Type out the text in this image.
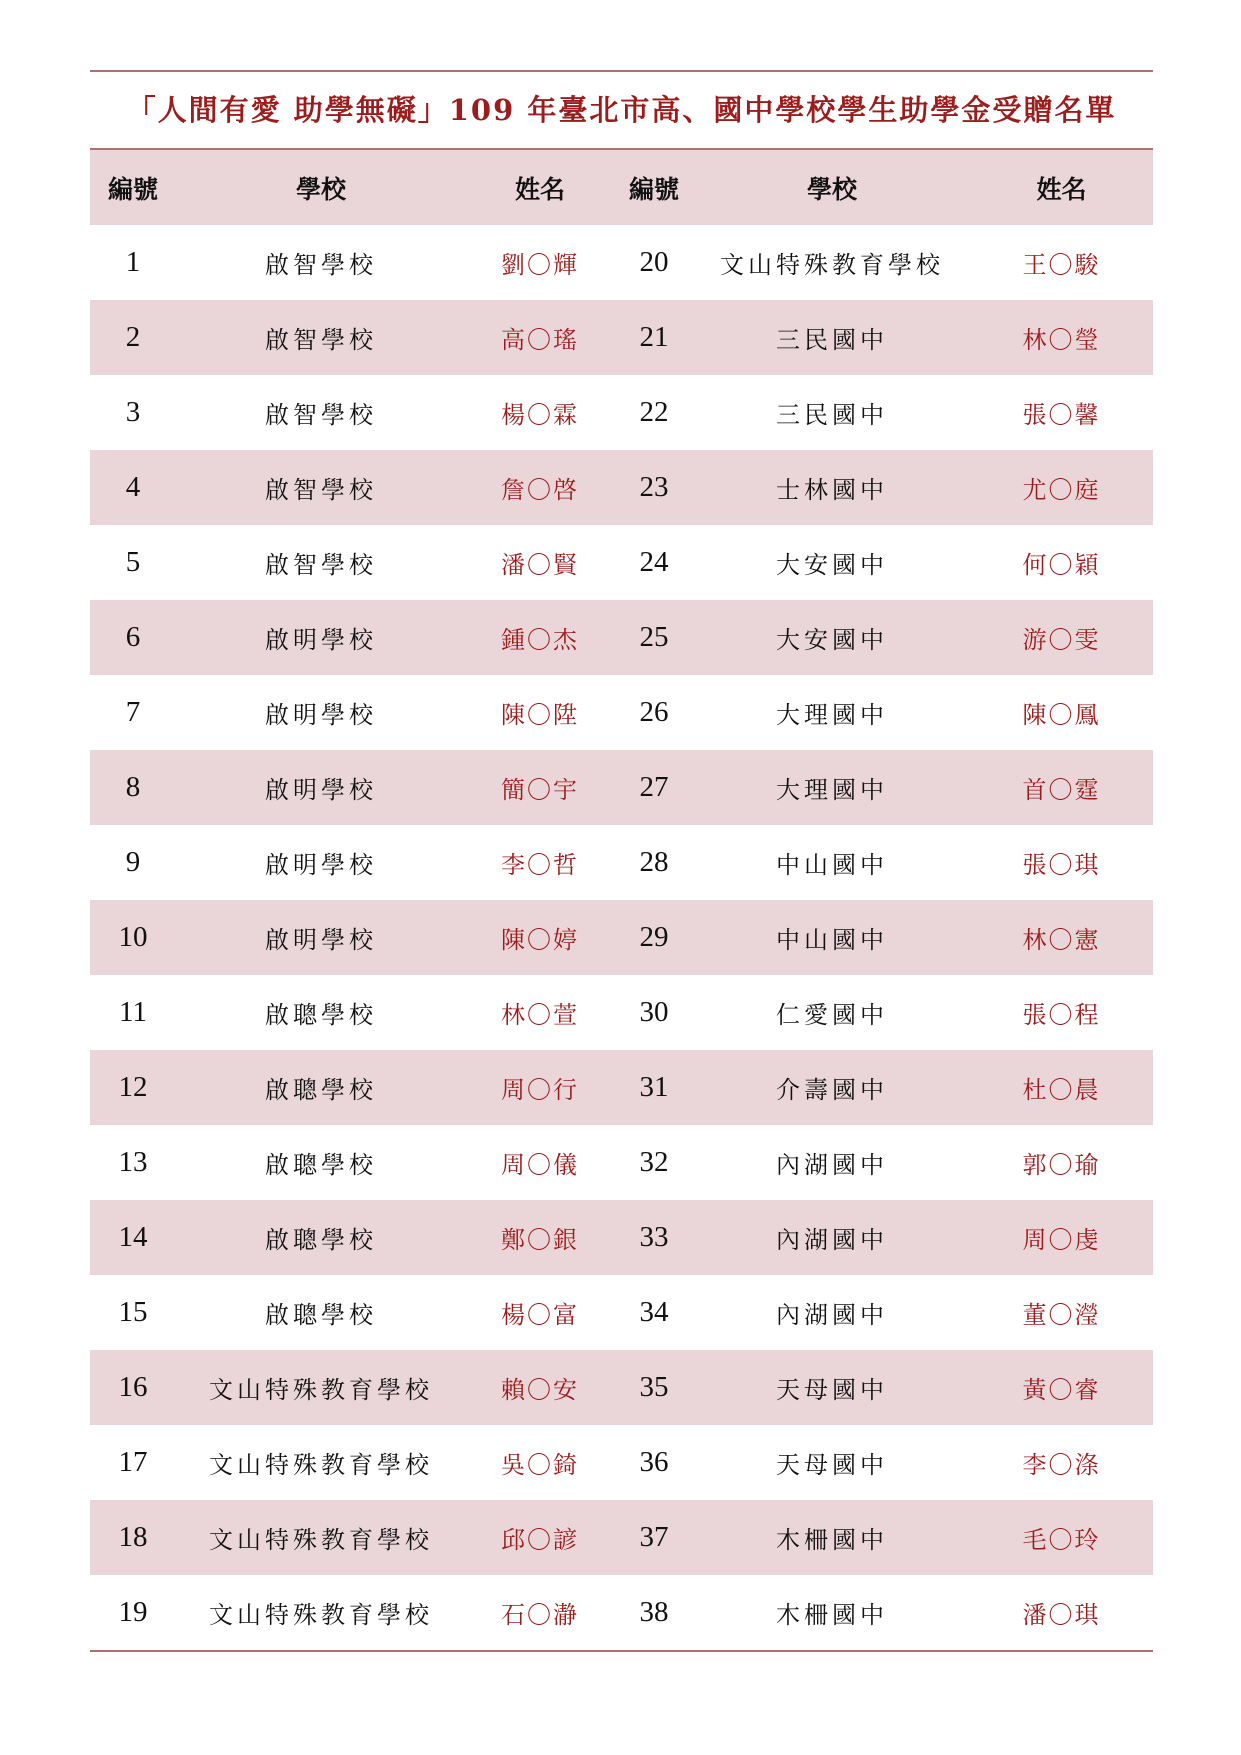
「人間有愛 助學無礙」109 年臺北市高、國中學校學生助學金受贈名單
編號	學校	姓名	編號	學校	姓名
1	啟智學校	劉〇輝	20	文山特殊教育學校	王〇駿
2	啟智學校	高〇瑤	21	三民國中	林〇瑩
3	啟智學校	楊〇霖	22	三民國中	張〇馨
4	啟智學校	詹〇啓	23	士林國中	尤〇庭
5	啟智學校	潘〇賢	24	大安國中	何〇穎
6	啟明學校	鍾〇杰	25	大安國中	游〇雯
7	啟明學校	陳〇陞	26	大理國中	陳〇鳳
8	啟明學校	簡〇宇	27	大理國中	首〇霆
9	啟明學校	李〇哲	28	中山國中	張〇琪
10	啟明學校	陳〇婷	29	中山國中	林〇憲
11	啟聰學校	林〇萱	30	仁愛國中	張〇程
12	啟聰學校	周〇行	31	介壽國中	杜〇晨
13	啟聰學校	周〇儀	32	內湖國中	郭〇瑜
14	啟聰學校	鄭〇銀	33	內湖國中	周〇虔
15	啟聰學校	楊〇富	34	內湖國中	董〇瀅
16	文山特殊教育學校	賴〇安	35	天母國中	黃〇睿
17	文山特殊教育學校	吳〇錡	36	天母國中	李〇涤
18	文山特殊教育學校	邱〇諺	37	木柵國中	毛〇玲
19	文山特殊教育學校	石〇瀞	38	木柵國中	潘〇琪
